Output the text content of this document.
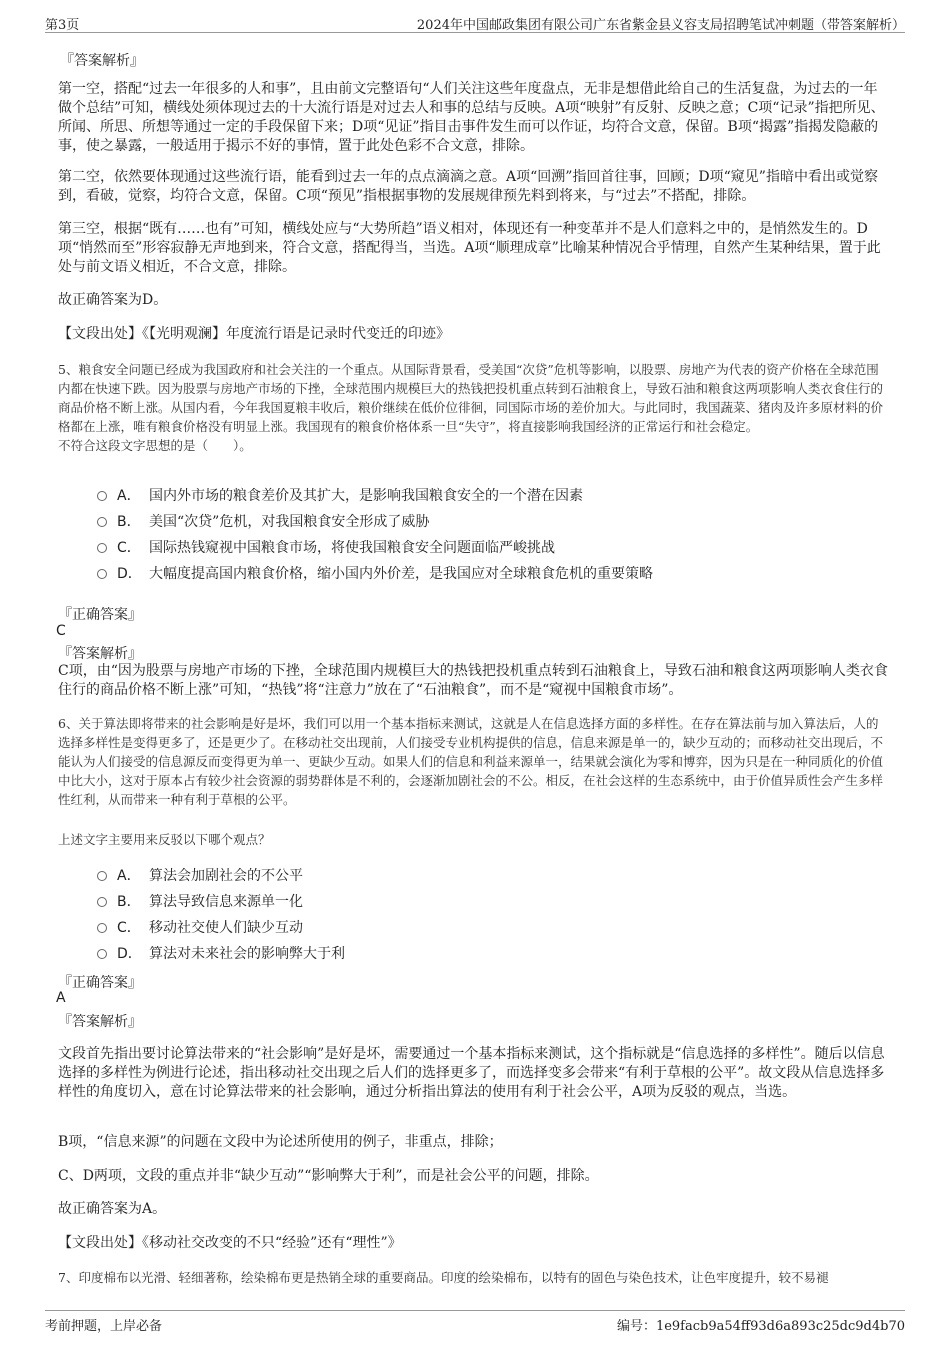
第3页	2024年中国邮政集团有限公司广东省紫金县义容支局招聘笔试冲刺题（带答案解析）
『答案解析』
第一空，搭配“过去一年很多的人和事”，且由前文完整语句“人们关注这些年度盘点，无非是想借此给自己的生活复盘，为过去的一年做个总结”可知，横线处须体现过去的十大流行语是对过去人和事的总结与反映。A项“映射”有反射、反映之意；C项“记录”指把所见、所闻、所思、所想等通过一定的手段保留下来；D项“见证”指目击事件发生而可以作证，均符合文意，保留。B项“揭露”指揭发隐蔽的事，使之暴露，一般适用于揭示不好的事情，置于此处色彩不合文意，排除。
第二空，依然要体现通过这些流行语，能看到过去一年的点点滴滴之意。A项“回溯”指回首往事，回顾；D项“窥见”指暗中看出或觉察到，看破，觉察，均符合文意，保留。C项“预见”指根据事物的发展规律预先料到将来，与“过去”不搭配，排除。
第三空，根据“既有……也有”可知，横线处应与“大势所趋”语义相对，体现还有一种变革并不是人们意料之中的，是悄然发生的。D项“悄然而至”形容寂静无声地到来，符合文意，搭配得当，当选。A项“顺理成章”比喻某种情况合乎情理，自然产生某种结果，置于此处与前文语义相近，不合文意，排除。
故正确答案为D。
【文段出处】《【光明观澜】年度流行语是记录时代变迁的印迹》
5、粮食安全问题已经成为我国政府和社会关注的一个重点。从国际背景看，受美国“次贷”危机等影响，以股票、房地产为代表的资产价格在全球范围内都在快速下跌。因为股票与房地产市场的下挫，全球范围内规模巨大的热钱把投机重点转到石油粮食上，导致石油和粮食这两项影响人类衣食住行的商品价格不断上涨。从国内看，今年我国夏粮丰收后，粮价继续在低价位徘徊，同国际市场的差价加大。与此同时，我国蔬菜、猪肉及许多原材料的价格都在上涨，唯有粮食价格没有明显上涨。我国现有的粮食价格体系一旦“失守”，将直接影响我国经济的正常运行和社会稳定。
不符合这段文字思想的是（　　）。
A． 国内外市场的粮食差价及其扩大，是影响我国粮食安全的一个潜在因素
B． 美国“次贷”危机，对我国粮食安全形成了威胁
C． 国际热钱窥视中国粮食市场，将使我国粮食安全问题面临严峻挑战
D． 大幅度提高国内粮食价格，缩小国内外价差，是我国应对全球粮食危机的重要策略
『正确答案』
C
『答案解析』
C项，由“因为股票与房地产市场的下挫，全球范围内规模巨大的热钱把投机重点转到石油粮食上，导致石油和粮食这两项影响人类衣食住行的商品价格不断上涨”可知，“热钱”将“注意力”放在了“石油粮食”，而不是“窥视中国粮食市场”。
6、关于算法即将带来的社会影响是好是坏，我们可以用一个基本指标来测试，这就是人在信息选择方面的多样性。在存在算法前与加入算法后，人的选择多样性是变得更多了，还是更少了。在移动社交出现前，人们接受专业机构提供的信息，信息来源是单一的，缺少互动的；而移动社交出现后，不能认为人们接受的信息源反而变得更为单一、更缺少互动。如果人们的信息和利益来源单一，结果就会演化为零和博弈，因为只是在一种同质化的价值中比大小，这对于原本占有较少社会资源的弱势群体是不利的，会逐渐加剧社会的不公。相反，在社会这样的生态系统中，由于价值异质性会产生多样性红利，从而带来一种有利于草根的公平。
上述文字主要用来反驳以下哪个观点？
A． 算法会加剧社会的不公平
B． 算法导致信息来源单一化
C． 移动社交使人们缺少互动
D． 算法对未来社会的影响弊大于利
『正确答案』
A
『答案解析』
文段首先指出要讨论算法带来的“社会影响”是好是坏，需要通过一个基本指标来测试，这个指标就是“信息选择的多样性”。随后以信息选择的多样性为例进行论述，指出移动社交出现之后人们的选择更多了，而选择变多会带来“有利于草根的公平”。故文段从信息选择多样性的角度切入，意在讨论算法带来的社会影响，通过分析指出算法的使用有利于社会公平，A项为反驳的观点，当选。
B项，“信息来源”的问题在文段中为论述所使用的例子，非重点，排除；
C、D两项，文段的重点并非“缺少互动”“影响弊大于利”，而是社会公平的问题，排除。
故正确答案为A。
【文段出处】《移动社交改变的不只“经验”还有“理性”》
7、印度棉布以光滑、轻细著称，绘染棉布更是热销全球的重要商品。印度的绘染棉布，以特有的固色与染色技术，让色牢度提升，较不易褪
考前押题，上岸必备	编号：1e9facb9a54ff93d6a893c25dc9d4b70
